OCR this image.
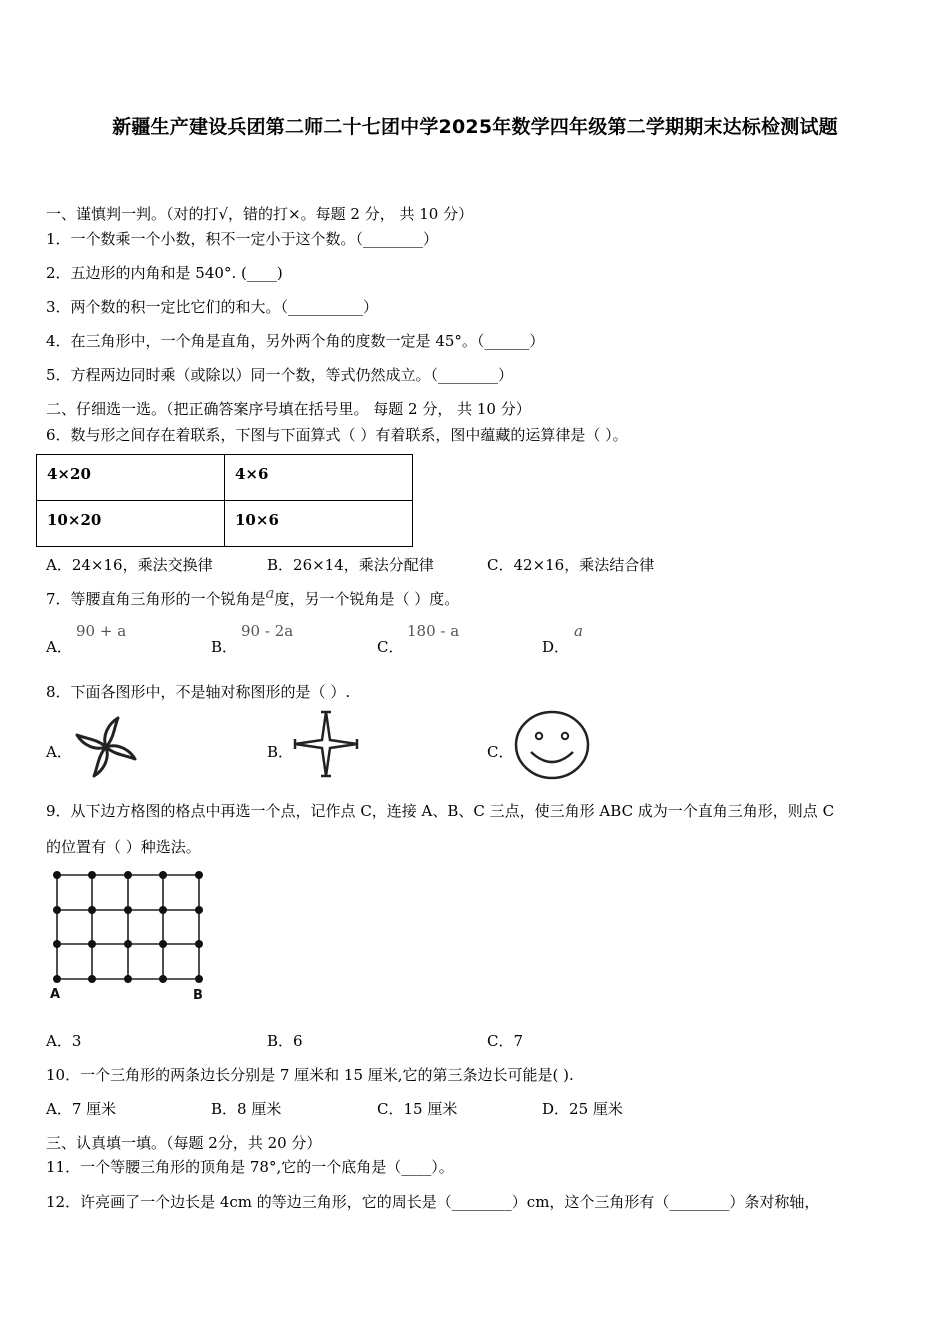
新疆生产建设兵团第二师二十七团中学2025年数学四年级第二学期期末达标检测试题
一、谨慎判一判。（对的打√，错的打×。每题 2 分， 共 10 分）
1．一个数乘一个小数，积不一定小于这个数。（________）
2．五边形的内角和是 540°. (____)
3．两个数的积一定比它们的和大。（__________）
4．在三角形中，一个角是直角，另外两个角的度数一定是 45°。（______）
5．方程两边同时乘（或除以）同一个数，等式仍然成立。（________）
二、仔细选一选。（把正确答案序号填在括号里。 每题 2 分， 共 10 分）
6．数与形之间存在着联系，下图与下面算式（ ）有着联系，图中蕴藏的运算律是（ ）。
4×20	4×6
10×20	10×6
A．24×16，乘法交换律	B．26×14，乘法分配律	C．42×16，乘法结合律
7．等腰直角三角形的一个锐角是a度，另一个锐角是（ ）度。
A．
90 + a
B．
90 - 2a
C．
180 - a
D．
a
8．下面各图形中，不是轴对称图形的是（ ）.
A．	B．	C．
9．从下边方格图的格点中再选一个点，记作点 C，连接 A、B、C 三点，使三角形 ABC 成为一个直角三角形，则点 C
的位置有（ ）种选法。
A	B
A．3	B．6	C．7
10．一个三角形的两条边长分别是 7 厘米和 15 厘米,它的第三条边长可能是( ).
A．7 厘米	B．8 厘米	C．15 厘米	D．25 厘米
三、认真填一填。（每题 2分，共 20 分）
11．一个等腰三角形的顶角是 78°,它的一个底角是（____）。
12．许亮画了一个边长是 4cm 的等边三角形，它的周长是（________）cm，这个三角形有（________）条对称轴，
